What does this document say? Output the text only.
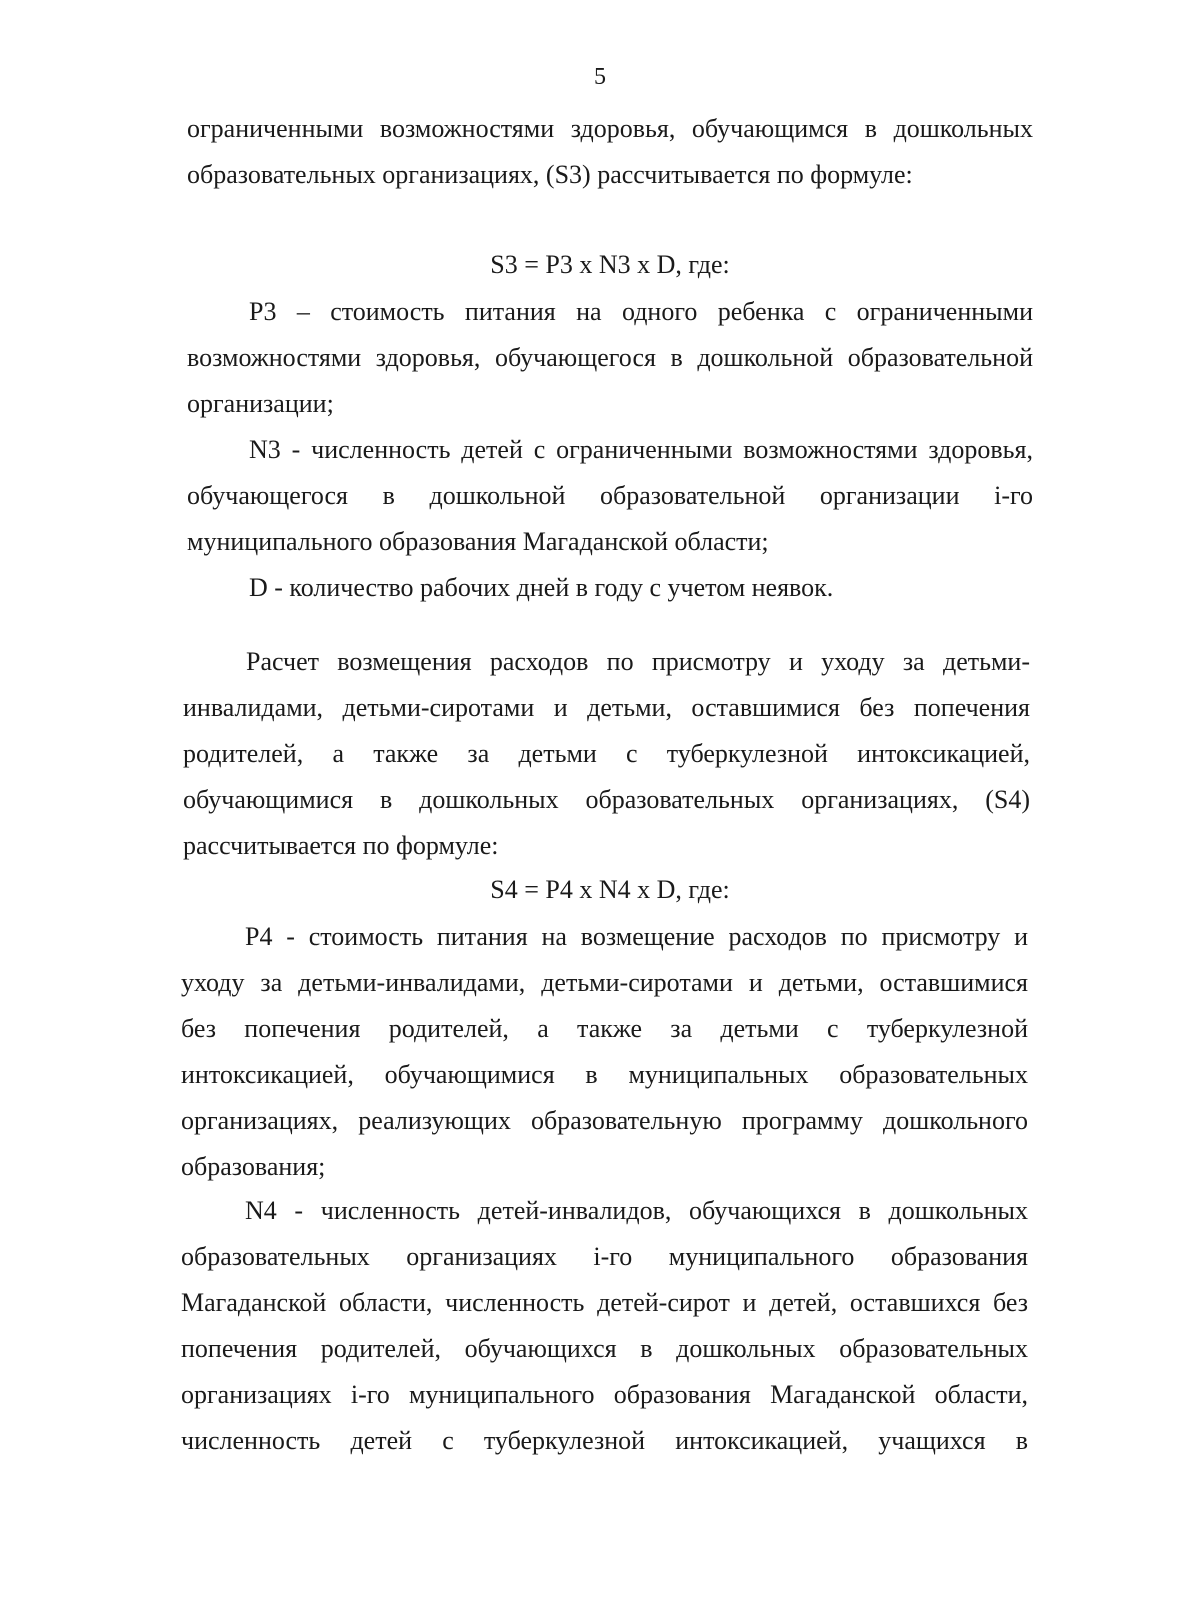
5
ограниченными возможностями здоровья, обучающимся в дошкольных
образовательных организациях, (S3) рассчитывается по формуле:
S3 = P3 x N3 x D, где:
P3 – стоимость питания на одного ребенка с ограниченными
возможностями здоровья, обучающегося в дошкольной образовательной
организации;
N3 - численность детей с ограниченными возможностями здоровья,
обучающегося в дошкольной образовательной организации i-го
муниципального образования Магаданской области;
D - количество рабочих дней в году с учетом неявок.
Расчет возмещения расходов по присмотру и уходу за детьми-
инвалидами, детьми-сиротами и детьми, оставшимися без попечения
родителей, а также за детьми с туберкулезной интоксикацией,
обучающимися в дошкольных образовательных организациях, (S4)
рассчитывается по формуле:
S4 = P4 x N4 x D, где:
P4 - стоимость питания на возмещение расходов по присмотру и
уходу за детьми-инвалидами, детьми-сиротами и детьми, оставшимися
без попечения родителей, а также за детьми с туберкулезной
интоксикацией, обучающимися в муниципальных образовательных
организациях, реализующих образовательную программу дошкольного
образования;
N4 - численность детей-инвалидов, обучающихся в дошкольных
образовательных организациях i-го муниципального образования
Магаданской области, численность детей-сирот и детей, оставшихся без
попечения родителей, обучающихся в дошкольных образовательных
организациях i-го муниципального образования Магаданской области,
численность детей с туберкулезной интоксикацией, учащихся в
